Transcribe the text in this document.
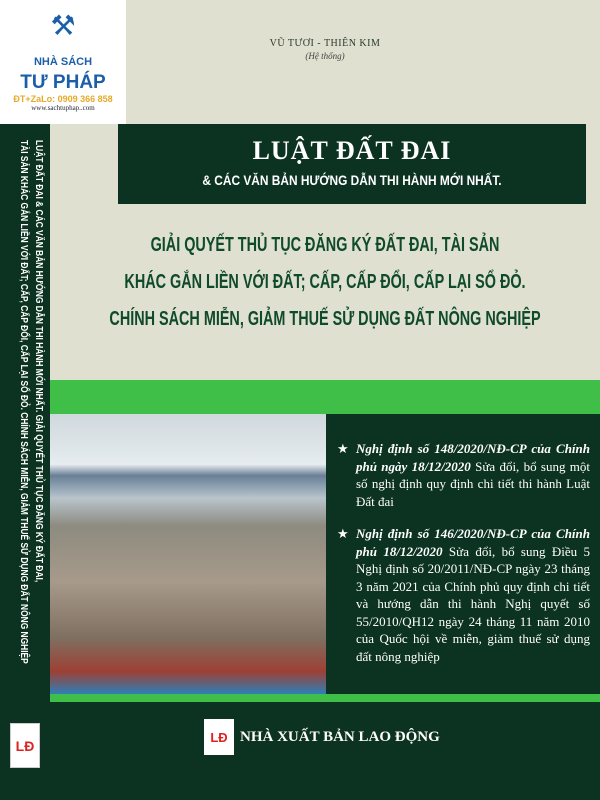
LUẬT ĐẤT ĐAI & CÁC VĂN BẢN HƯỚNG DẪN THI HÀNH MỚI NHẤT. GIẢI QUYẾT THỦ TỤC ĐĂNG KÝ ĐẤT ĐAI,
TÀI SẢN KHÁC GẮN LIỀN VỚI ĐẤT; CẤP, CẤP ĐỔI, CẤP LẠI SỔ ĐỎ. CHÍNH SÁCH MIỄN, GIẢM THUẾ SỬ DỤNG ĐẤT NÔNG NGHIỆP
LĐ
⚒
NHÀ SÁCH
TƯ PHÁP
ĐT+ZaLo: 0909 366 858
www.sachtuphap..com
VŨ TƯƠI - THIÊN KIM
(Hệ thống)
LUẬT ĐẤT ĐAI
& CÁC VĂN BẢN HƯỚNG DẪN THI HÀNH MỚI NHẤT.
GIẢI QUYẾT THỦ TỤC ĐĂNG KÝ ĐẤT ĐAI, TÀI SẢN
KHÁC GẮN LIỀN VỚI ĐẤT; CẤP, CẤP ĐỔI, CẤP LẠI SỔ ĐỎ.
CHÍNH SÁCH MIỄN, GIẢM THUẾ SỬ DỤNG ĐẤT NÔNG NGHIỆP
★ Nghị định số 148/2020/NĐ-CP của Chính phủ ngày 18/12/2020 Sửa đổi, bổ sung một số nghị định quy định chi tiết thi hành Luật Đất đai
★ Nghị định số 146/2020/NĐ-CP của Chính phủ 18/12/2020 Sửa đổi, bổ sung Điều 5 Nghị định số 20/2011/NĐ-CP ngày 23 tháng 3 năm 2021 của Chính phủ quy định chi tiết và hướng dẫn thi hành Nghị quyết số 55/2010/QH12 ngày 24 tháng 11 năm 2010 của Quốc hội về miễn, giảm thuế sử dụng đất nông nghiệp
LĐ NHÀ XUẤT BẢN LAO ĐỘNG
